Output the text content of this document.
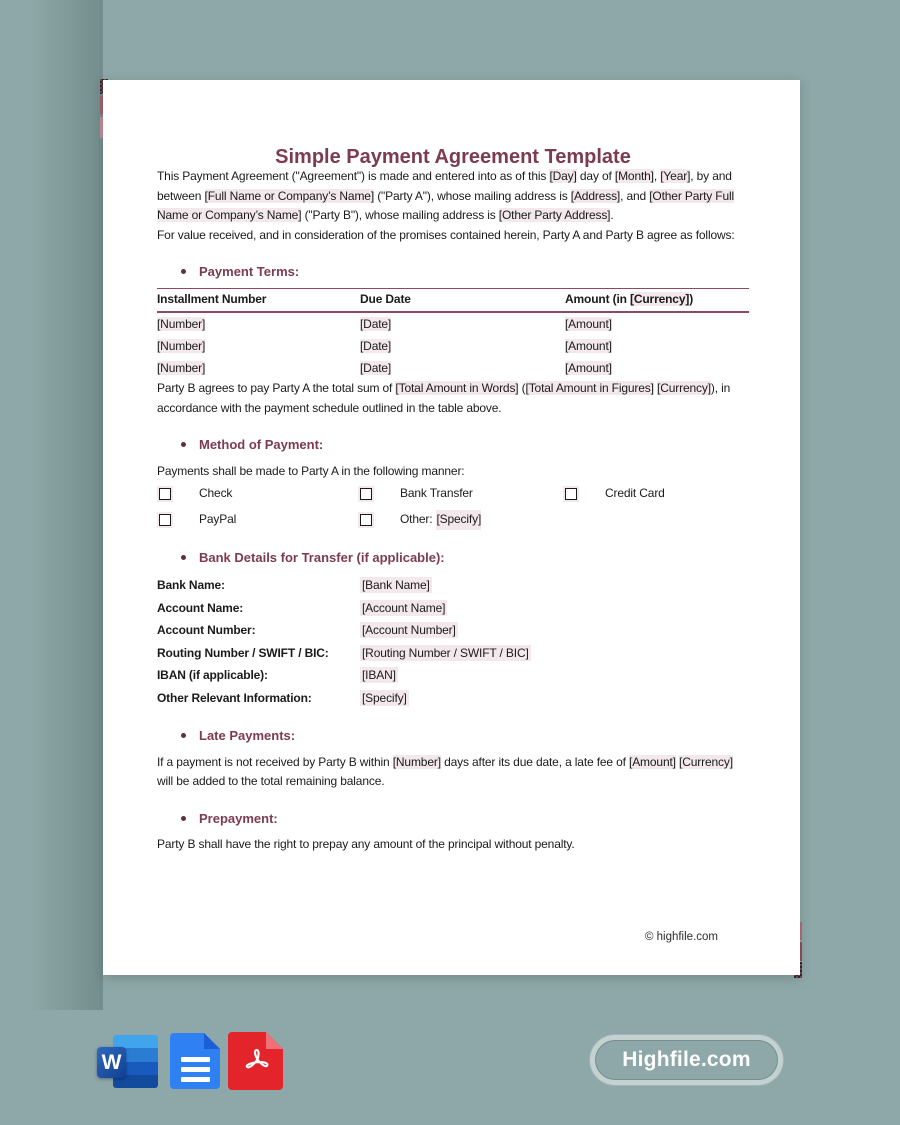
Simple Payment Agreement Template

This Payment Agreement ("Agreement") is made and entered into as of this [Day] day of [Month], [Year], by and between [Full Name or Company’s Name] ("Party A"), whose mailing address is [Address], and [Other Party Full Name or Company’s Name] ("Party B"), whose mailing address is [Other Party Address].

For value received, and in consideration of the promises contained herein, Party A and Party B agree as follows:

Payment Terms:
Installment Number	Due Date	Amount (in [Currency])
[Number]	[Date]	[Amount]
[Number]	[Date]	[Amount]
[Number]	[Date]	[Amount]

Party B agrees to pay Party A the total sum of [Total Amount in Words] ([Total Amount in Figures] [Currency]), in accordance with the payment schedule outlined in the table above.

Method of Payment:

Payments shall be made to Party A in the following manner:

Check	Bank Transfer	Credit Card
PayPal	Other: [Specify]
Bank Details for Transfer (if applicable):
Bank Name:	[Bank Name]
Account Name:	[Account Name]
Account Number:	[Account Number]
Routing Number / SWIFT / BIC:	[Routing Number / SWIFT / BIC]
IBAN (if applicable):	[IBAN]
Other Relevant Information:	[Specify]
Late Payments:

If a payment is not received by Party B within [Number] days after its due date, a late fee of [Amount] [Currency] will be added to the total remaining balance.

Prepayment:

Party B shall have the right to prepay any amount of the principal without penalty.

© highfile.com
W	Highfile.com
